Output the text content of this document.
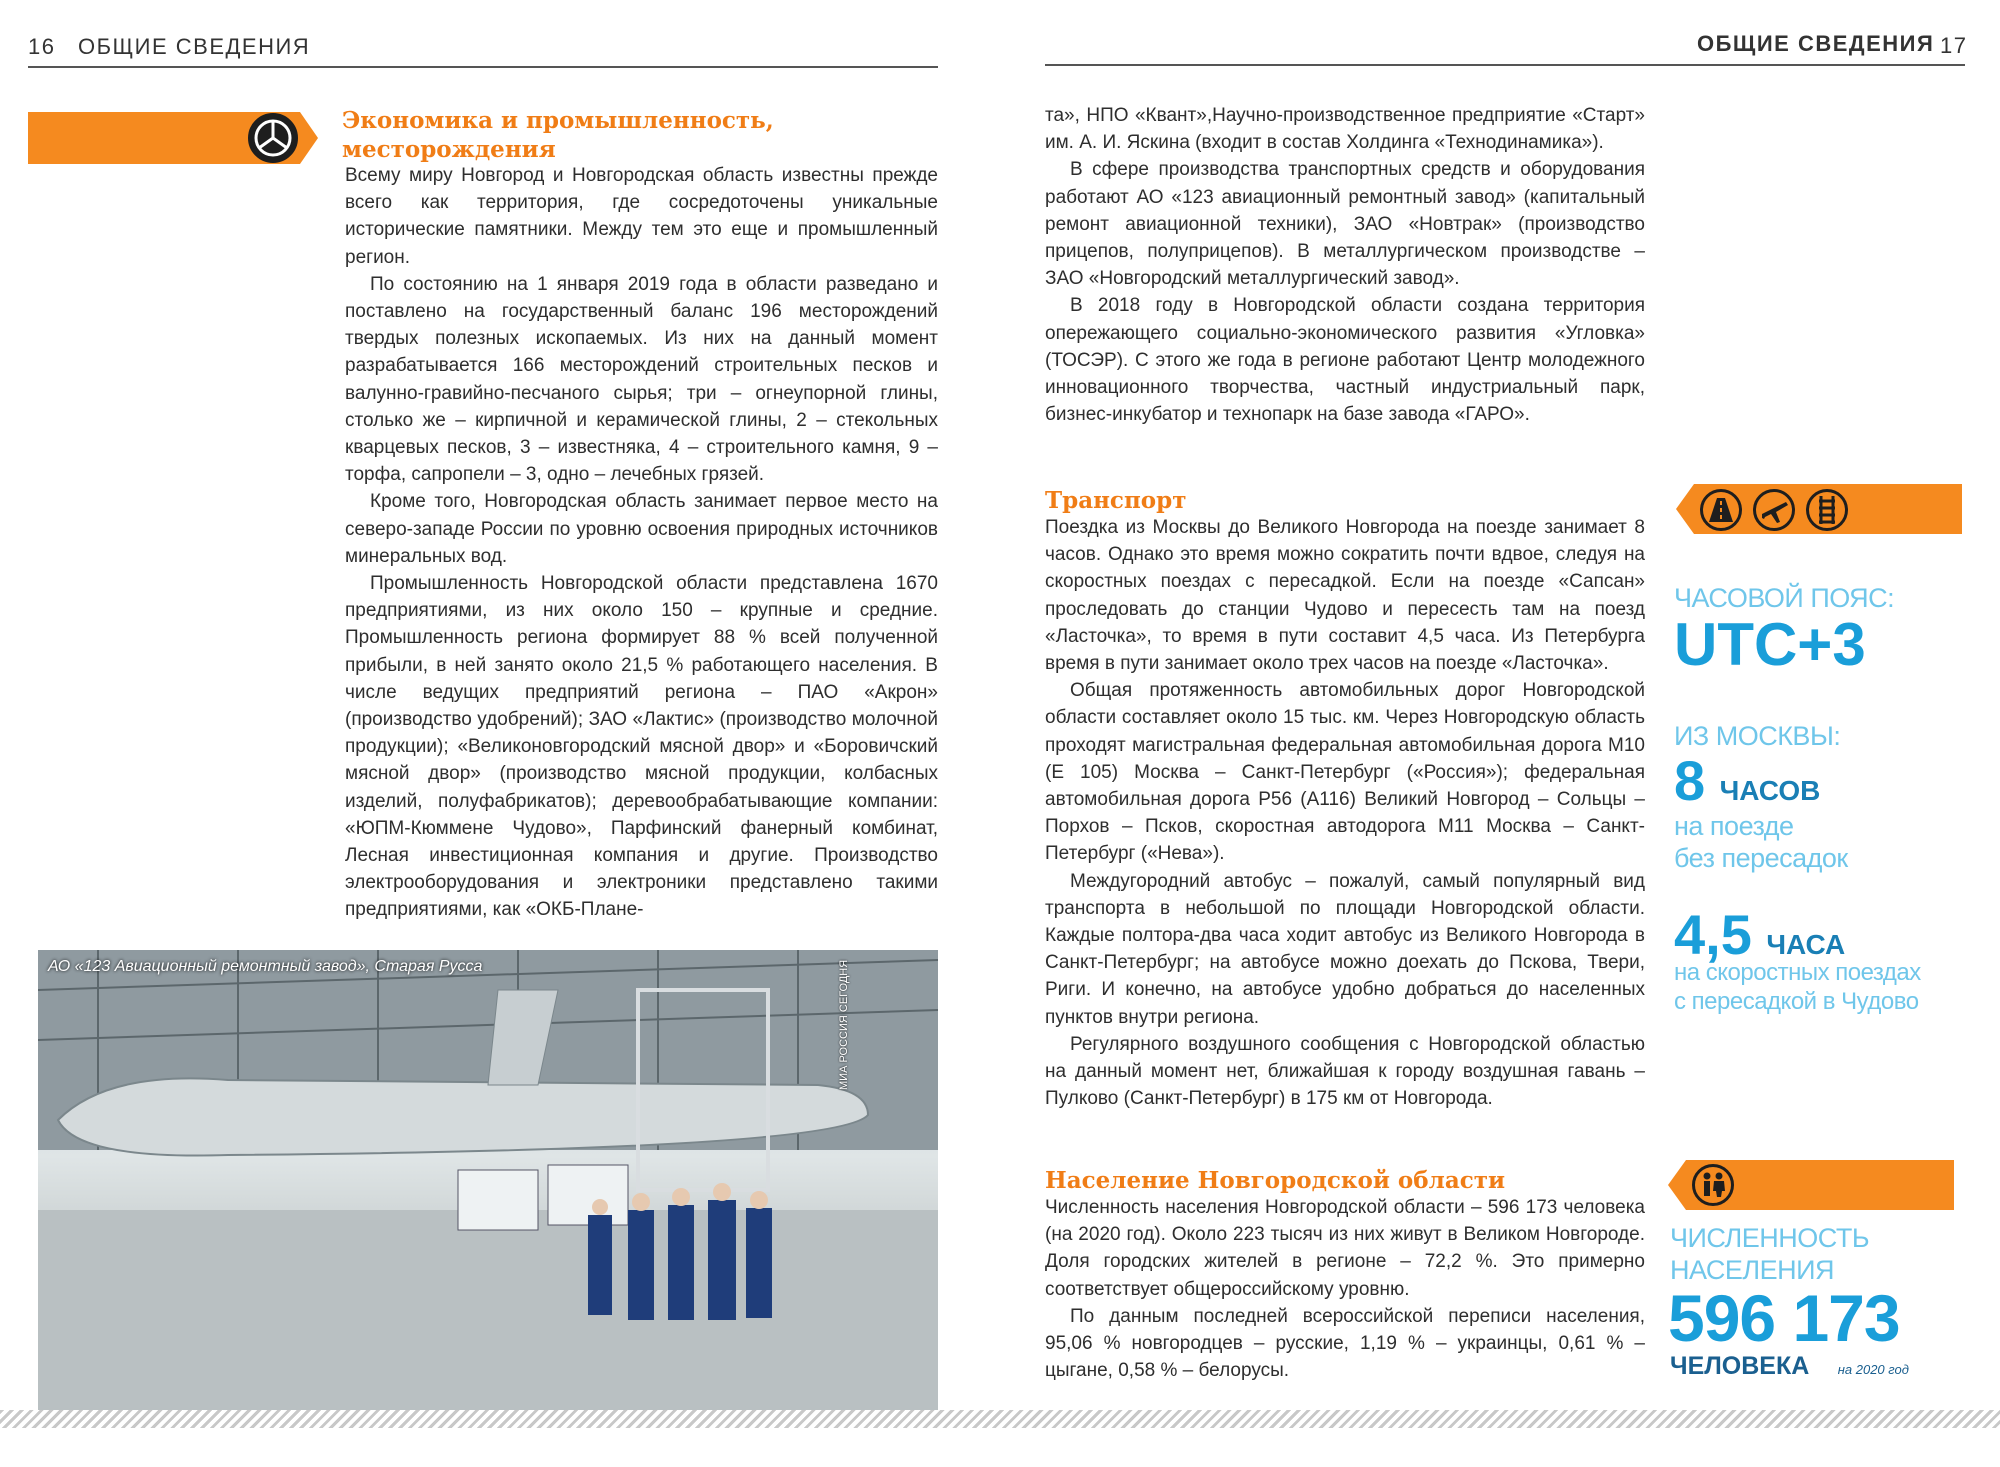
16 ОБЩИЕ СВЕДЕНИЯ
Экономика и промышленность,
месторождения

Всему миру Новгород и Новгородская область известны прежде всего как территория, где сосредоточены уникальные исторические памятники. Между тем это еще и промышленный регион.

По состоянию на 1 января 2019 года в области разведано и поставлено на государственный баланс 196 месторождений твердых полезных ископаемых. Из них на данный момент разрабатывается 166 месторождений строительных песков и валунно-гравийно-песчаного сырья; три – огнеупорной глины, столько же – кирпичной и керамической глины, 2 – стекольных кварцевых песков, 3 – известняка, 4 – строительного камня, 9 – торфа, сапропели – 3, одно – лечебных грязей.

Кроме того, Новгородская область занимает первое место на северо-западе России по уровню освоения природных источников минеральных вод.

Промышленность Новгородской области представлена 1670 предприятиями, из них около 150 – крупные и средние. Промышленность региона формирует 88 % всей полученной прибыли, в ней занято около 21,5 % работающего населения. В числе ведущих предприятий региона – ПАО «Акрон» (производство удобрений); ЗАО «Лактис» (производство молочной продукции); «Великоновгородский мясной двор» и «Боровичский мясной двор» (производство мясной продукции, колбасных изделий, полуфабрикатов); деревообрабатывающие компании: «ЮПМ-Кюммене Чудово», Парфинский фанерный комбинат, Лесная инвестиционная компания и другие. Производство электрооборудования и электроники представлено такими предприятиями, как «ОКБ-Плане-

АО «123 Авиационный ремонтный завод», Старая Русса	МИА РОССИЯ СЕГОДНЯ
ОБЩИЕ СВЕДЕНИЯ 17

та», НПО «Квант»,Научно-производственное предприятие «Старт» им. А. И. Яскина (входит в состав Холдинга «Технодинамика»).

В сфере производства транспортных средств и оборудования работают АО «123 авиационный ремонтный завод» (капитальный ремонт авиационной техники), ЗАО «Новтрак» (производство прицепов, полуприцепов). В металлургическом производстве – ЗАО «Новгородский металлургический завод».

В 2018 году в Новгородской области создана территория опережающего социально-экономического развития «Угловка» (ТОСЭР). С этого же года в регионе работают Центр молодежного инновационного творчества, частный индустриальный парк, бизнес-инкубатор и технопарк на базе завода «ГАРО».

Транспорт

Поездка из Москвы до Великого Новгорода на поезде занимает 8 часов. Однако это время можно сократить почти вдвое, следуя на скоростных поездах с пересадкой. Если на поезде «Сапсан» проследовать до станции Чудово и пересесть там на поезд «Ласточка», то время в пути составит 4,5 часа. Из Петербурга время в пути занимает около трех часов на поезде «Ласточка».

Общая протяженность автомобильных дорог Новгородской области составляет около 15 тыс. км. Через Новгородскую область проходят магистральная федеральная автомобильная дорога М10 (Е 105) Москва – Санкт-Петербург («Россия»); федеральная автомобильная дорога Р56 (А116) Великий Новгород – Сольцы – Порхов – Псков, скоростная автодорога М11 Москва – Санкт-Петербург («Нева»).

Междугородний автобус – пожалуй, самый популярный вид транспорта в небольшой по площади Новгородской области. Каждые полтора-два часа ходит автобус из Великого Новгорода в Санкт-Петербург; на автобусе можно доехать до Пскова, Твери, Риги. И конечно, на автобусе удобно добраться до населенных пунктов внутри региона.

Регулярного воздушного сообщения с Новгородской областью на данный момент нет, ближайшая к городу воздушная гавань – Пулково (Санкт-Петербург) в 175 км от Новгорода.

ЧАСОВОЙ ПОЯС:
UTC+3
ИЗ МОСКВЫ:
8 ЧАСОВ
на поезде
без пересадок
4,5 ЧАСА
на скоростных поездах
с пересадкой в Чудово
Население Новгородской области

Численность населения Новгородской области – 596 173 человека (на 2020 год). Около 223 тысяч из них живут в Великом Новгороде. Доля городских жителей в регионе – 72,2 %. Это примерно соответствует общероссийскому уровню.

По данным последней всероссийской переписи населения, 95,06 % новгородцев – русские, 1,19 % – украинцы, 0,61 % – цыгане, 0,58 % – белорусы.

ЧИСЛЕННОСТЬ
НАСЕЛЕНИЯ
596 173
ЧЕЛОВЕКА на 2020 год
